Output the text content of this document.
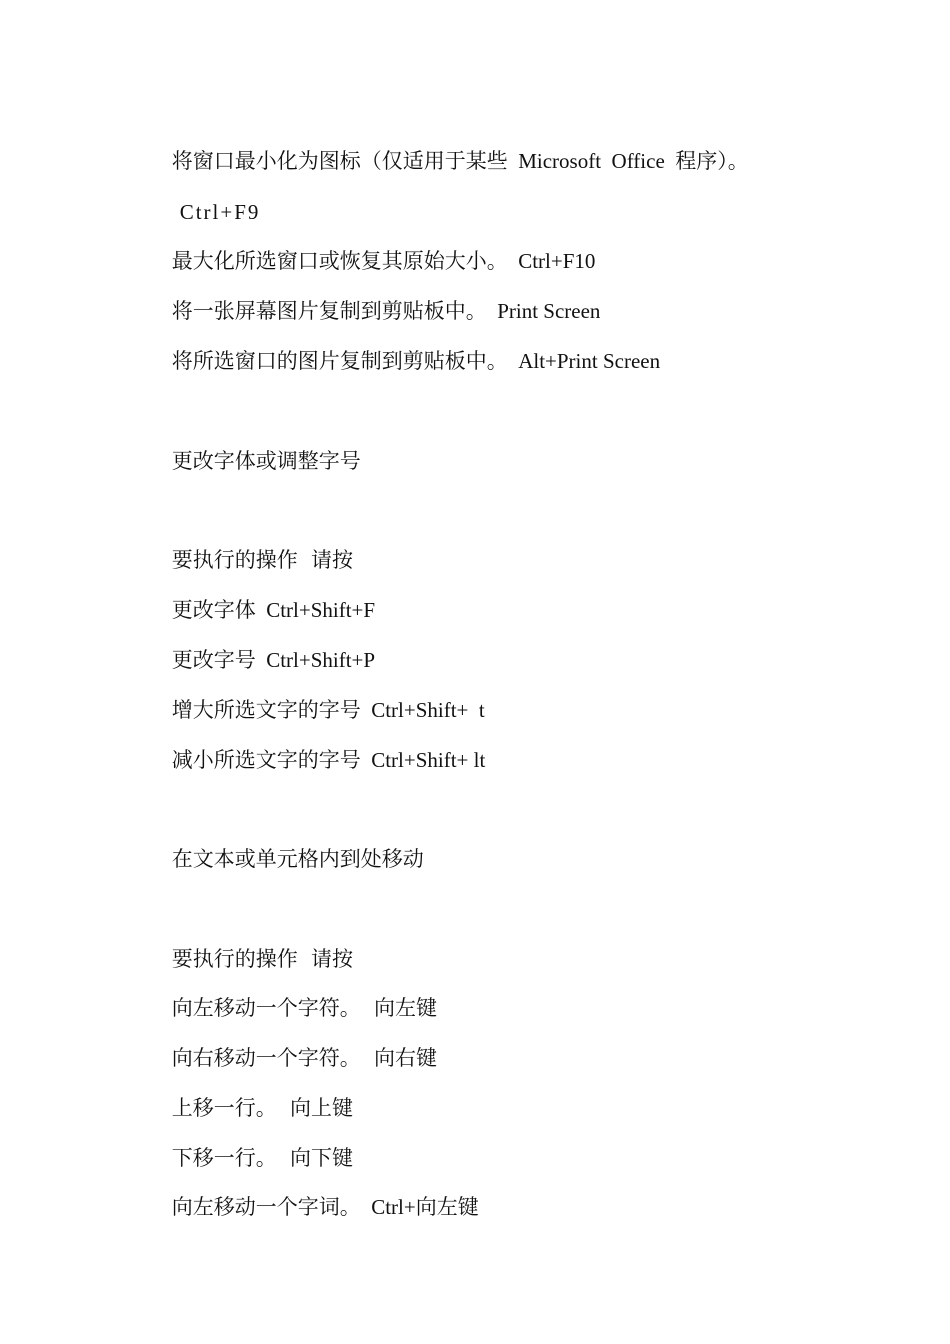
将窗口最小化为图标（仅适用于某些  Microsoft  Office  程序）。

Ctrl+F9

最大化所选窗口或恢复其原始大小。  Ctrl+F10

将一张屏幕图片复制到剪贴板中。  Print Screen

将所选窗口的图片复制到剪贴板中。  Alt+Print Screen

更改字体或调整字号

要执行的操作  请按

更改字体  Ctrl+Shift+F

更改字号  Ctrl+Shift+P

增大所选文字的字号  Ctrl+Shift+  t

减小所选文字的字号  Ctrl+Shift+ lt

在文本或单元格内到处移动

要执行的操作  请按

向左移动一个字符。  向左键

向右移动一个字符。  向右键

上移一行。  向上键

下移一行。  向下键

向左移动一个字词。  Ctrl+向左键
